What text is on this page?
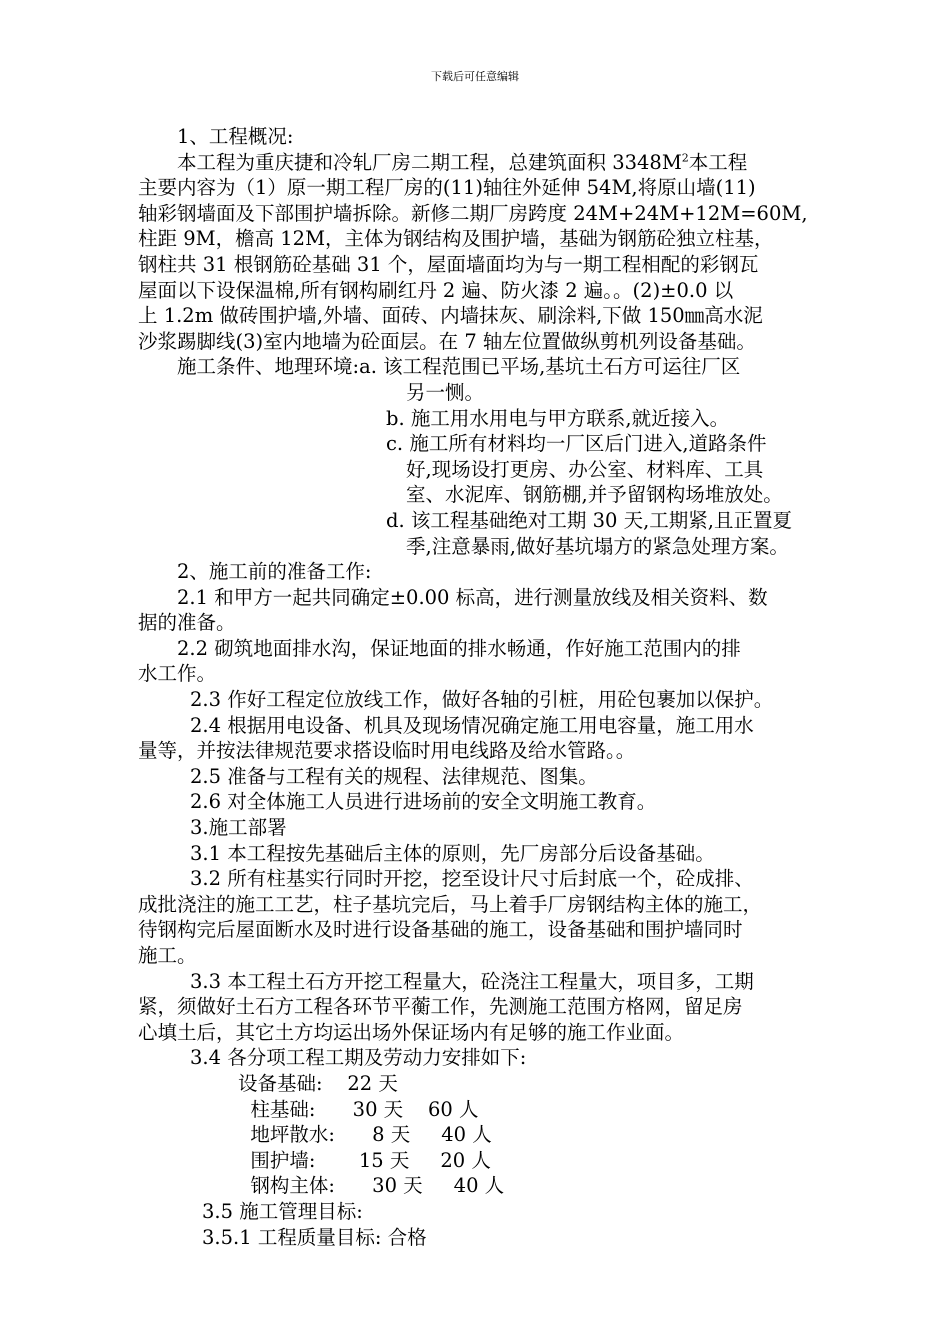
下载后可任意编辑

1、工程概况:

本工程为重庆捷和冷轧厂房二期工程，总建筑面积 $3348M^2$本工程
主要内容为（1）原一期工程厂房的(11)轴往外延伸 54M,将原山墙(11)
轴彩钢墙面及下部围护墙拆除。新修二期厂房跨度 24M+24M+12M=60M,
柱距 9M，檐高 12M，主体为钢结构及围护墙，基础为钢筋砼独立柱基，
钢柱共 31 根钢筋砼基础 31 个，屋面墙面均为与一期工程相配的彩钢瓦
屋面以下设保温棉,所有钢构刷红丹 2 遍、防火漆 2 遍。。(2)±0.0 以
上 1.2m 做砖围护墙,外墙、面砖、内墙抹灰、刷涂料,下做 150㎜高水泥
沙浆踢脚线(3)室内地墙为砼面层。在 7 轴左位置做纵剪机列设备基础。
施工条件、地理环境:a. 该工程范围已平场,基坑土石方可运往厂区
另一恻。
b. 施工用水用电与甲方联系,就近接入。
c. 施工所有材料均一厂区后门进入,道路条件
好,现场设打更房、办公室、材料库、工具
室、水泥库、钢筋棚,并予留钢构场堆放处。
d. 该工程基础绝对工期 30 天,工期紧,且正置夏
季,注意暴雨,做好基坑塌方的紧急处理方案。

2、施工前的准备工作:

2.1 和甲方一起共同确定±0.00 标高，进行测量放线及相关资料、数
据的准备。
2.2 砌筑地面排水沟，保证地面的排水畅通，作好施工范围内的排
水工作。
2.3 作好工程定位放线工作，做好各轴的引桩，用砼包裹加以保护。
2.4 根据用电设备、机具及现场情况确定施工用电容量，施工用水
量等，并按法律规范要求搭设临时用电线路及给水管路。。
2.5 准备与工程有关的规程、法律规范、图集。
2.6 对全体施工人员进行进场前的安全文明施工教育。

3.施工部署

3.1 本工程按先基础后主体的原则，先厂房部分后设备基础。
3.2 所有柱基实行同时开挖，挖至设计尺寸后封底一个，砼成排、
成批浇注的施工工艺，柱子基坑完后，马上着手厂房钢结构主体的施工，
待钢构完后屋面断水及时进行设备基础的施工，设备基础和围护墙同时
施工。
3.3 本工程土石方开挖工程量大，砼浇注工程量大，项目多，工期
紧，须做好土石方工程各环节平蘅工作，先测施工范围方格网，留足房
心填土后，其它土方均运出场外保证场内有足够的施工作业面。
3.4 各分项工程工期及劳动力安排如下:
设备基础:    22 天
柱基础:      30 天    60 人
地坪散水:      8 天     40 人
围护墙:       15 天     20 人
钢构主体:      30 天     40 人

3.5 施工管理目标:

3.5.1 工程质量目标: 合格
